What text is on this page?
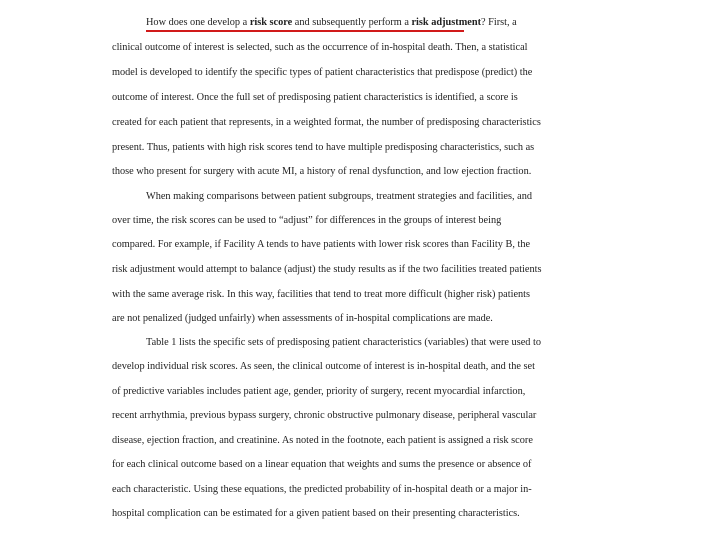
How does one develop a risk score and subsequently perform a risk adjustment? First, a
clinical outcome of interest is selected, such as the occurrence of in-hospital death. Then, a statistical
model is developed to identify the specific types of patient characteristics that predispose (predict) the
outcome of interest. Once the full set of predisposing patient characteristics is identified, a score is
created for each patient that represents, in a weighted format, the number of predisposing characteristics
present. Thus, patients with high risk scores tend to have multiple predisposing characteristics, such as
those who present for surgery with acute MI, a history of renal dysfunction, and low ejection fraction.
When making comparisons between patient subgroups, treatment strategies and facilities, and
over time, the risk scores can be used to “adjust” for differences in the groups of interest being
compared. For example, if Facility A tends to have patients with lower risk scores than Facility B, the
risk adjustment would attempt to balance (adjust) the study results as if the two facilities treated patients
with the same average risk. In this way, facilities that tend to treat more difficult (higher risk) patients
are not penalized (judged unfairly) when assessments of in-hospital complications are made.
Table 1 lists the specific sets of predisposing patient characteristics (variables) that were used to
develop individual risk scores. As seen, the clinical outcome of interest is in-hospital death, and the set
of predictive variables includes patient age, gender, priority of surgery, recent myocardial infarction,
recent arrhythmia, previous bypass surgery, chronic obstructive pulmonary disease, peripheral vascular
disease, ejection fraction, and creatinine. As noted in the footnote, each patient is assigned a risk score
for each clinical outcome based on a linear equation that weights and sums the presence or absence of
each characteristic. Using these equations, the predicted probability of in-hospital death or a major in-
hospital complication can be estimated for a given patient based on their presenting characteristics.
